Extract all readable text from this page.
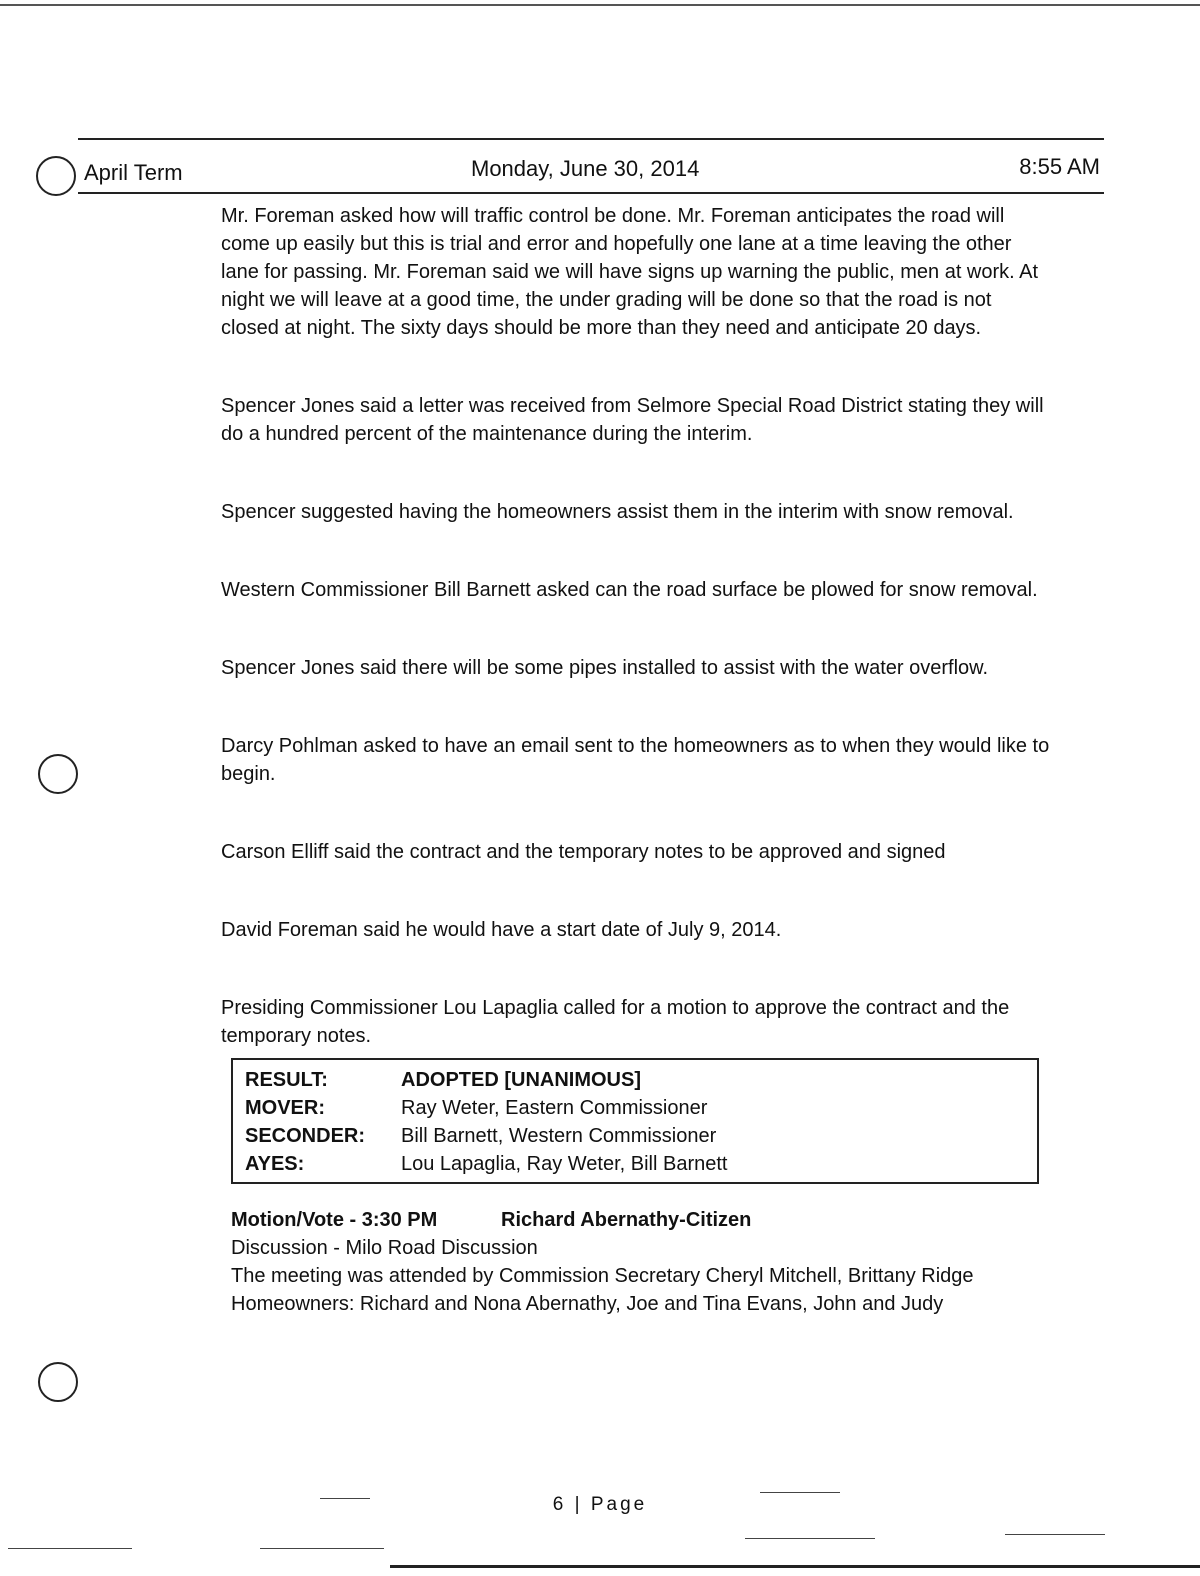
April Term	Monday, June 30, 2014	8:55 AM

Mr. Foreman asked how will traffic control be done. Mr. Foreman anticipates the road will come up easily but this is trial and error and hopefully one lane at a time leaving the other lane for passing. Mr. Foreman said we will have signs up warning the public, men at work. At night we will leave at a good time, the under grading will be done so that the road is not closed at night. The sixty days should be more than they need and anticipate 20 days.

Spencer Jones said a letter was received from Selmore Special Road District stating they will do a hundred percent of the maintenance during the interim.

Spencer suggested having the homeowners assist them in the interim with snow removal.

Western Commissioner Bill Barnett asked can the road surface be plowed for snow removal.

Spencer Jones said there will be some pipes installed to assist with the water overflow.

Darcy Pohlman asked to have an email sent to the homeowners as to when they would like to begin.

Carson Elliff said the contract and the temporary notes to be approved and signed

David Foreman said he would have a start date of July 9, 2014.

Presiding Commissioner Lou Lapaglia called for a motion to approve the contract and the temporary notes.

RESULT:	ADOPTED [UNANIMOUS]
MOVER:	Ray Weter, Eastern Commissioner
SECONDER:	Bill Barnett, Western Commissioner
AYES:	Lou Lapaglia, Ray Weter, Bill Barnett
Motion/Vote - 3:30 PM	Richard Abernathy-Citizen
Discussion - Milo Road Discussion
The meeting was attended by Commission Secretary Cheryl Mitchell, Brittany Ridge
Homeowners: Richard and Nona Abernathy, Joe and Tina Evans, John and Judy
6 | Page
